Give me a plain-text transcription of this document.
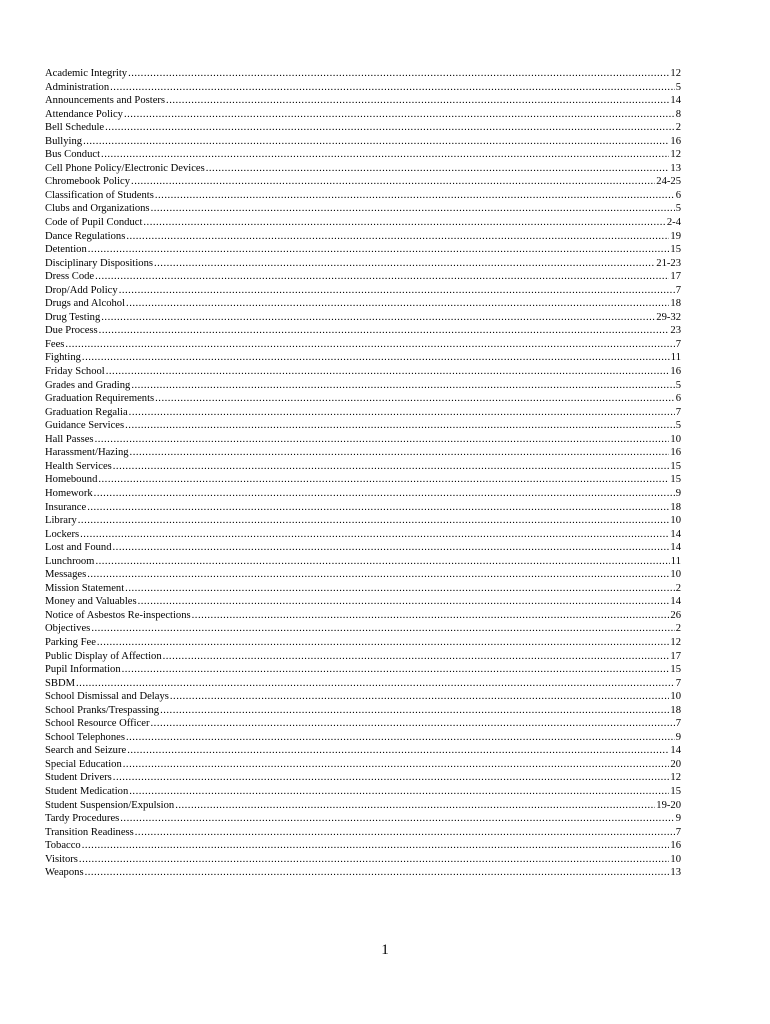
Academic Integrity .....	12
Administration .....	5
Announcements and Posters .....	14
Attendance Policy .....	8
Bell Schedule .....	2
Bullying .....	16
Bus Conduct .....	12
Cell Phone Policy/Electronic Devices .....	13
Chromebook Policy .....	24-25
Classification of Students .....	6
Clubs and Organizations .....	5
Code of Pupil Conduct .....	2-4
Dance Regulations .....	19
Detention .....	15
Disciplinary Dispositions .....	21-23
Dress Code .....	17
Drop/Add Policy .....	7
Drugs and Alcohol .....	18
Drug Testing .....	29-32
Due Process .....	23
Fees .....	7
Fighting .....	11
Friday School .....	16
Grades and Grading .....	5
Graduation Requirements .....	6
Graduation Regalia .....	7
Guidance Services .....	5
Hall Passes .....	10
Harassment/Hazing .....	16
Health Services .....	15
Homebound .....	15
Homework .....	9
Insurance .....	18
Library .....	10
Lockers .....	14
Lost and Found .....	14
Lunchroom .....	11
Messages .....	10
Mission Statement .....	2
Money and Valuables .....	14
Notice of Asbestos Re-inspections .....	26
Objectives .....	2
Parking Fee .....	12
Public Display of Affection .....	17
Pupil Information .....	15
SBDM .....	7
School Dismissal and Delays .....	10
School Pranks/Trespassing .....	18
School Resource Officer .....	7
School Telephones .....	9
Search and Seizure .....	14
Special Education .....	20
Student Drivers .....	12
Student Medication .....	15
Student Suspension/Expulsion .....	19-20
Tardy Procedures .....	9
Transition Readiness .....	7
Tobacco .....	16
Visitors .....	10
Weapons .....	13
1
